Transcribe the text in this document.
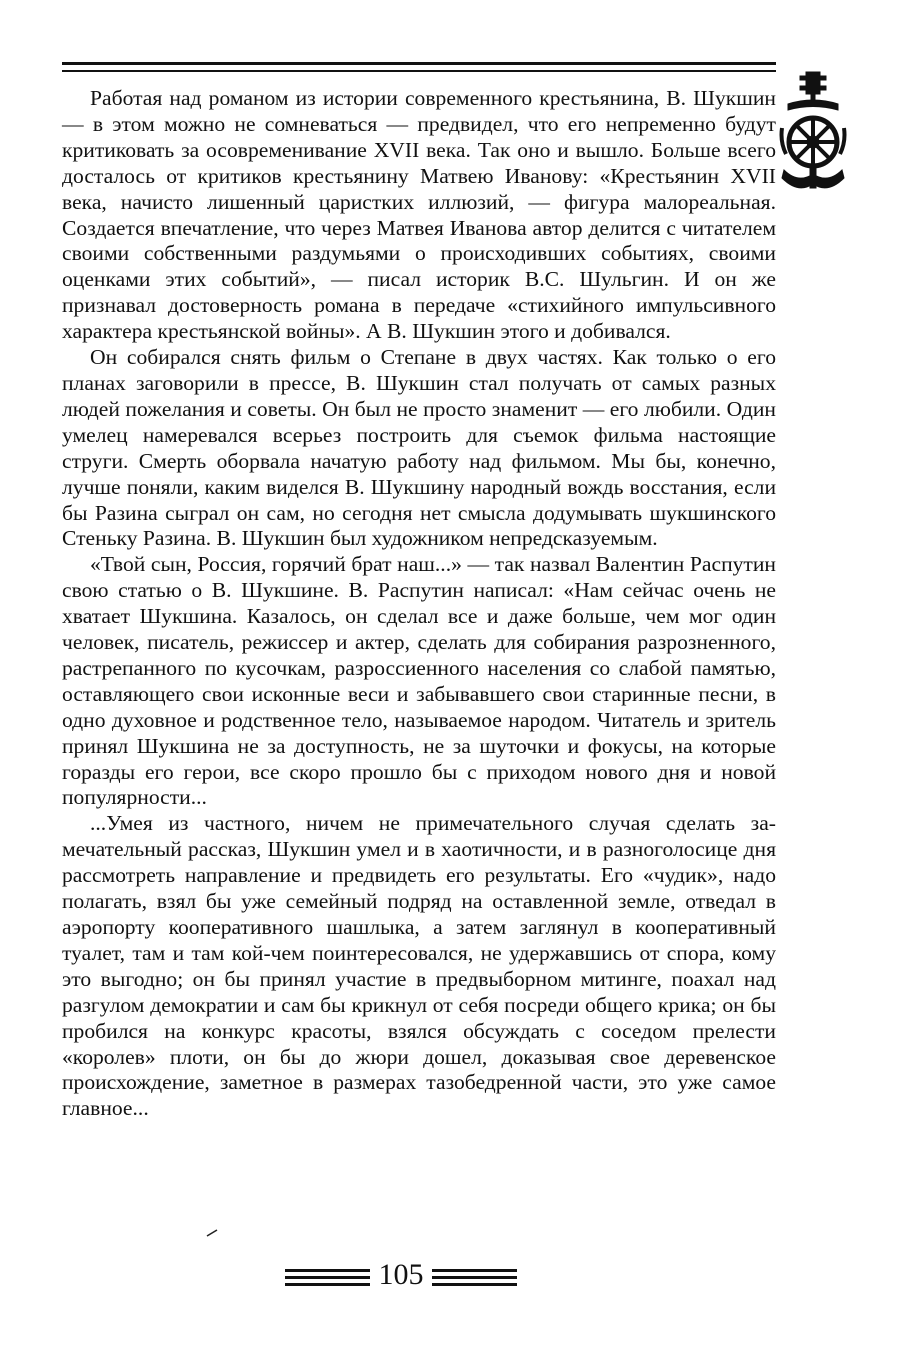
Работая над романом из истории современного крестьянина, В. Шукшин — в этом можно не сомневаться — предвидел, что его непременно будут критиковать за осовременивание XVII века. Так оно и вышло. Больше всего досталось от критиков крестьянину Матвею Иванову: «Крестьянин XVII века, начисто лишенный царистких иллюзий, — фигура малореальная. Создается впечатление, что через Матвея Иванова автор делится с читателем своими собственными раздумьями о происходивших событиях, своими оценками этих событий», — писал историк В.С. Шульгин. И он же признавал достоверность романа в передаче «стихийного импульсивного характера крестьянской войны». А В. Шукшин этого и добивался.

Он собирался снять фильм о Степане в двух частях. Как только о его планах заговорили в прессе, В. Шукшин стал получать от самых разных людей пожелания и советы. Он был не просто знаменит — его любили. Один умелец намеревался всерьез построить для съемок фильма настоящие струги. Смерть оборвала начатую работу над фильмом. Мы бы, конечно, лучше поняли, каким виделся В. Шукшину народный вождь восстания, если бы Разина сыграл он сам, но сегодня нет смысла додумывать шукшинского Стеньку Разина. В. Шукшин был художником непредсказуемым.

«Твой сын, Россия, горячий брат наш...» — так назвал Валентин Распутин свою статью о В. Шукшине. В. Распутин написал: «Нам сейчас очень не хватает Шукшина. Казалось, он сделал все и даже больше, чем мог один человек, писатель, режиссер и актер, сделать для собирания разрозненного, растрепанного по кусочкам, разроссиенного населения со слабой памятью, оставляющего свои исконные веси и забывавшего свои старинные песни, в одно духовное и родственное тело, называемое народом. Читатель и зритель принял Шукшина не за доступность, не за шуточки и фокусы, на которые горазды его герои, все скоро прошло бы с приходом нового дня и новой популярности...

...Умея из частного, ничем не примечательного случая сделать замечательный рассказ, Шукшин умел и в хаотичности, и в разноголосице дня рассмотреть направление и предвидеть его результаты. Его «чудик», надо полагать, взял бы уже семейный подряд на оставленной земле, отведал в аэропорту кооперативного шашлыка, а затем заглянул в кооперативный туалет, там и там кой-чем поинтересовался, не удержавшись от спора, кому это выгодно; он бы принял участие в предвыборном митинге, поахал над разгулом демократии и сам бы крикнул от себя посреди общего крика; он бы пробился на конкурс красоты, взялся обсуждать с соседом прелести «королев» плоти, он бы до жюри дошел, доказывая свое деревенское происхождение, заметное в размерах тазобедренной части, это уже самое главное...

105
